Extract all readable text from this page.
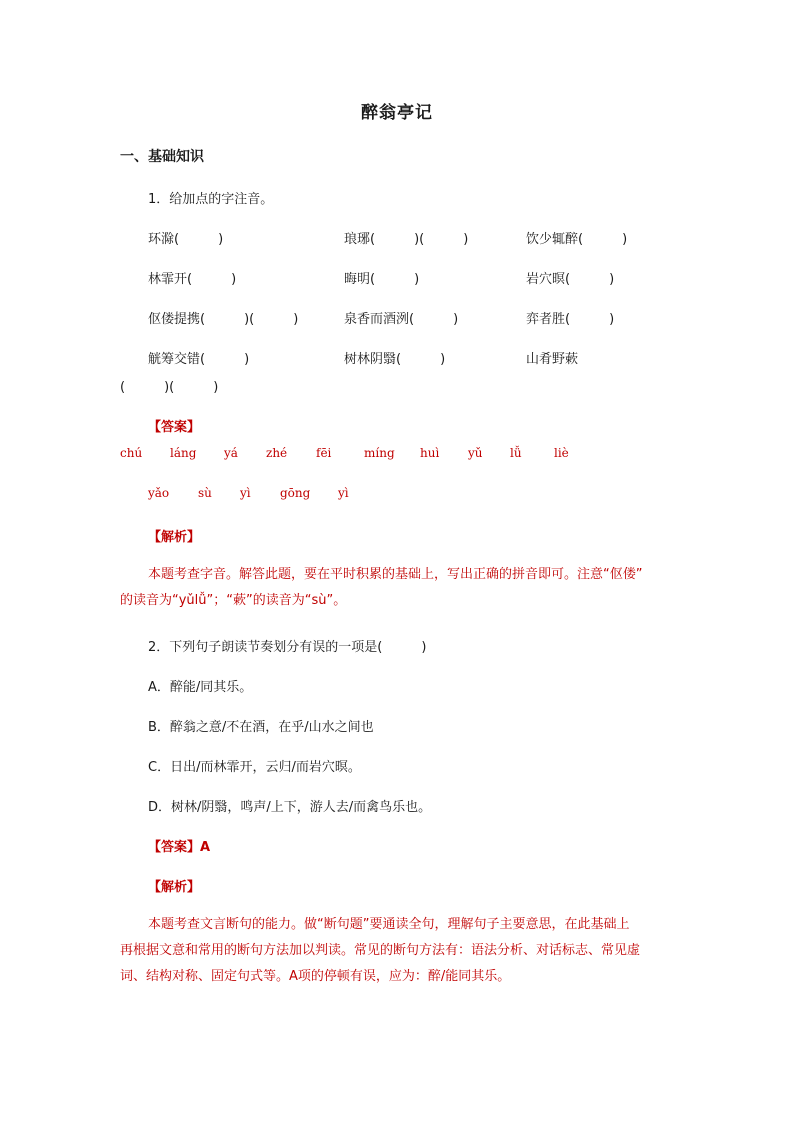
醉翁亭记
一、基础知识
1．给加点的字注音。
环滁(　　　)	琅琊(　　　)(　　　)	饮少辄醉(　　　)
林霏开(　　　)	晦明(　　　)	岩穴暝(　　　)
伛偻提携(　　　)(　　　)	泉香而酒洌(　　　)	弈者胜(　　　)
觥筹交错(　　　)	树林阴翳(　　　)	山肴野蔌
(　　　)(　　　)
【答案】
chú láng yá zhé fēi	míng huì yǔ lǚ	liè
yǎo sù yì gōng yì
【解析】
本题考查字音。解答此题，要在平时积累的基础上，写出正确的拼音即可。注意“伛偻”
的读音为“yǔlǚ”；“蔌”的读音为“sù”。
2．下列句子朗读节奏划分有误的一项是(　　　)
A．醉能/同其乐。
B．醉翁之意/不在酒，在乎/山水之间也
C．日出/而林霏开，云归/而岩穴暝。
D．树林/阴翳，鸣声/上下，游人去/而禽鸟乐也。
【答案】A
【解析】
本题考查文言断句的能力。做“断句题”要通读全句，理解句子主要意思，在此基础上
再根据文意和常用的断句方法加以判读。常见的断句方法有：语法分析、对话标志、常见虚
词、结构对称、固定句式等。A项的停顿有误，应为：醉/能同其乐。
